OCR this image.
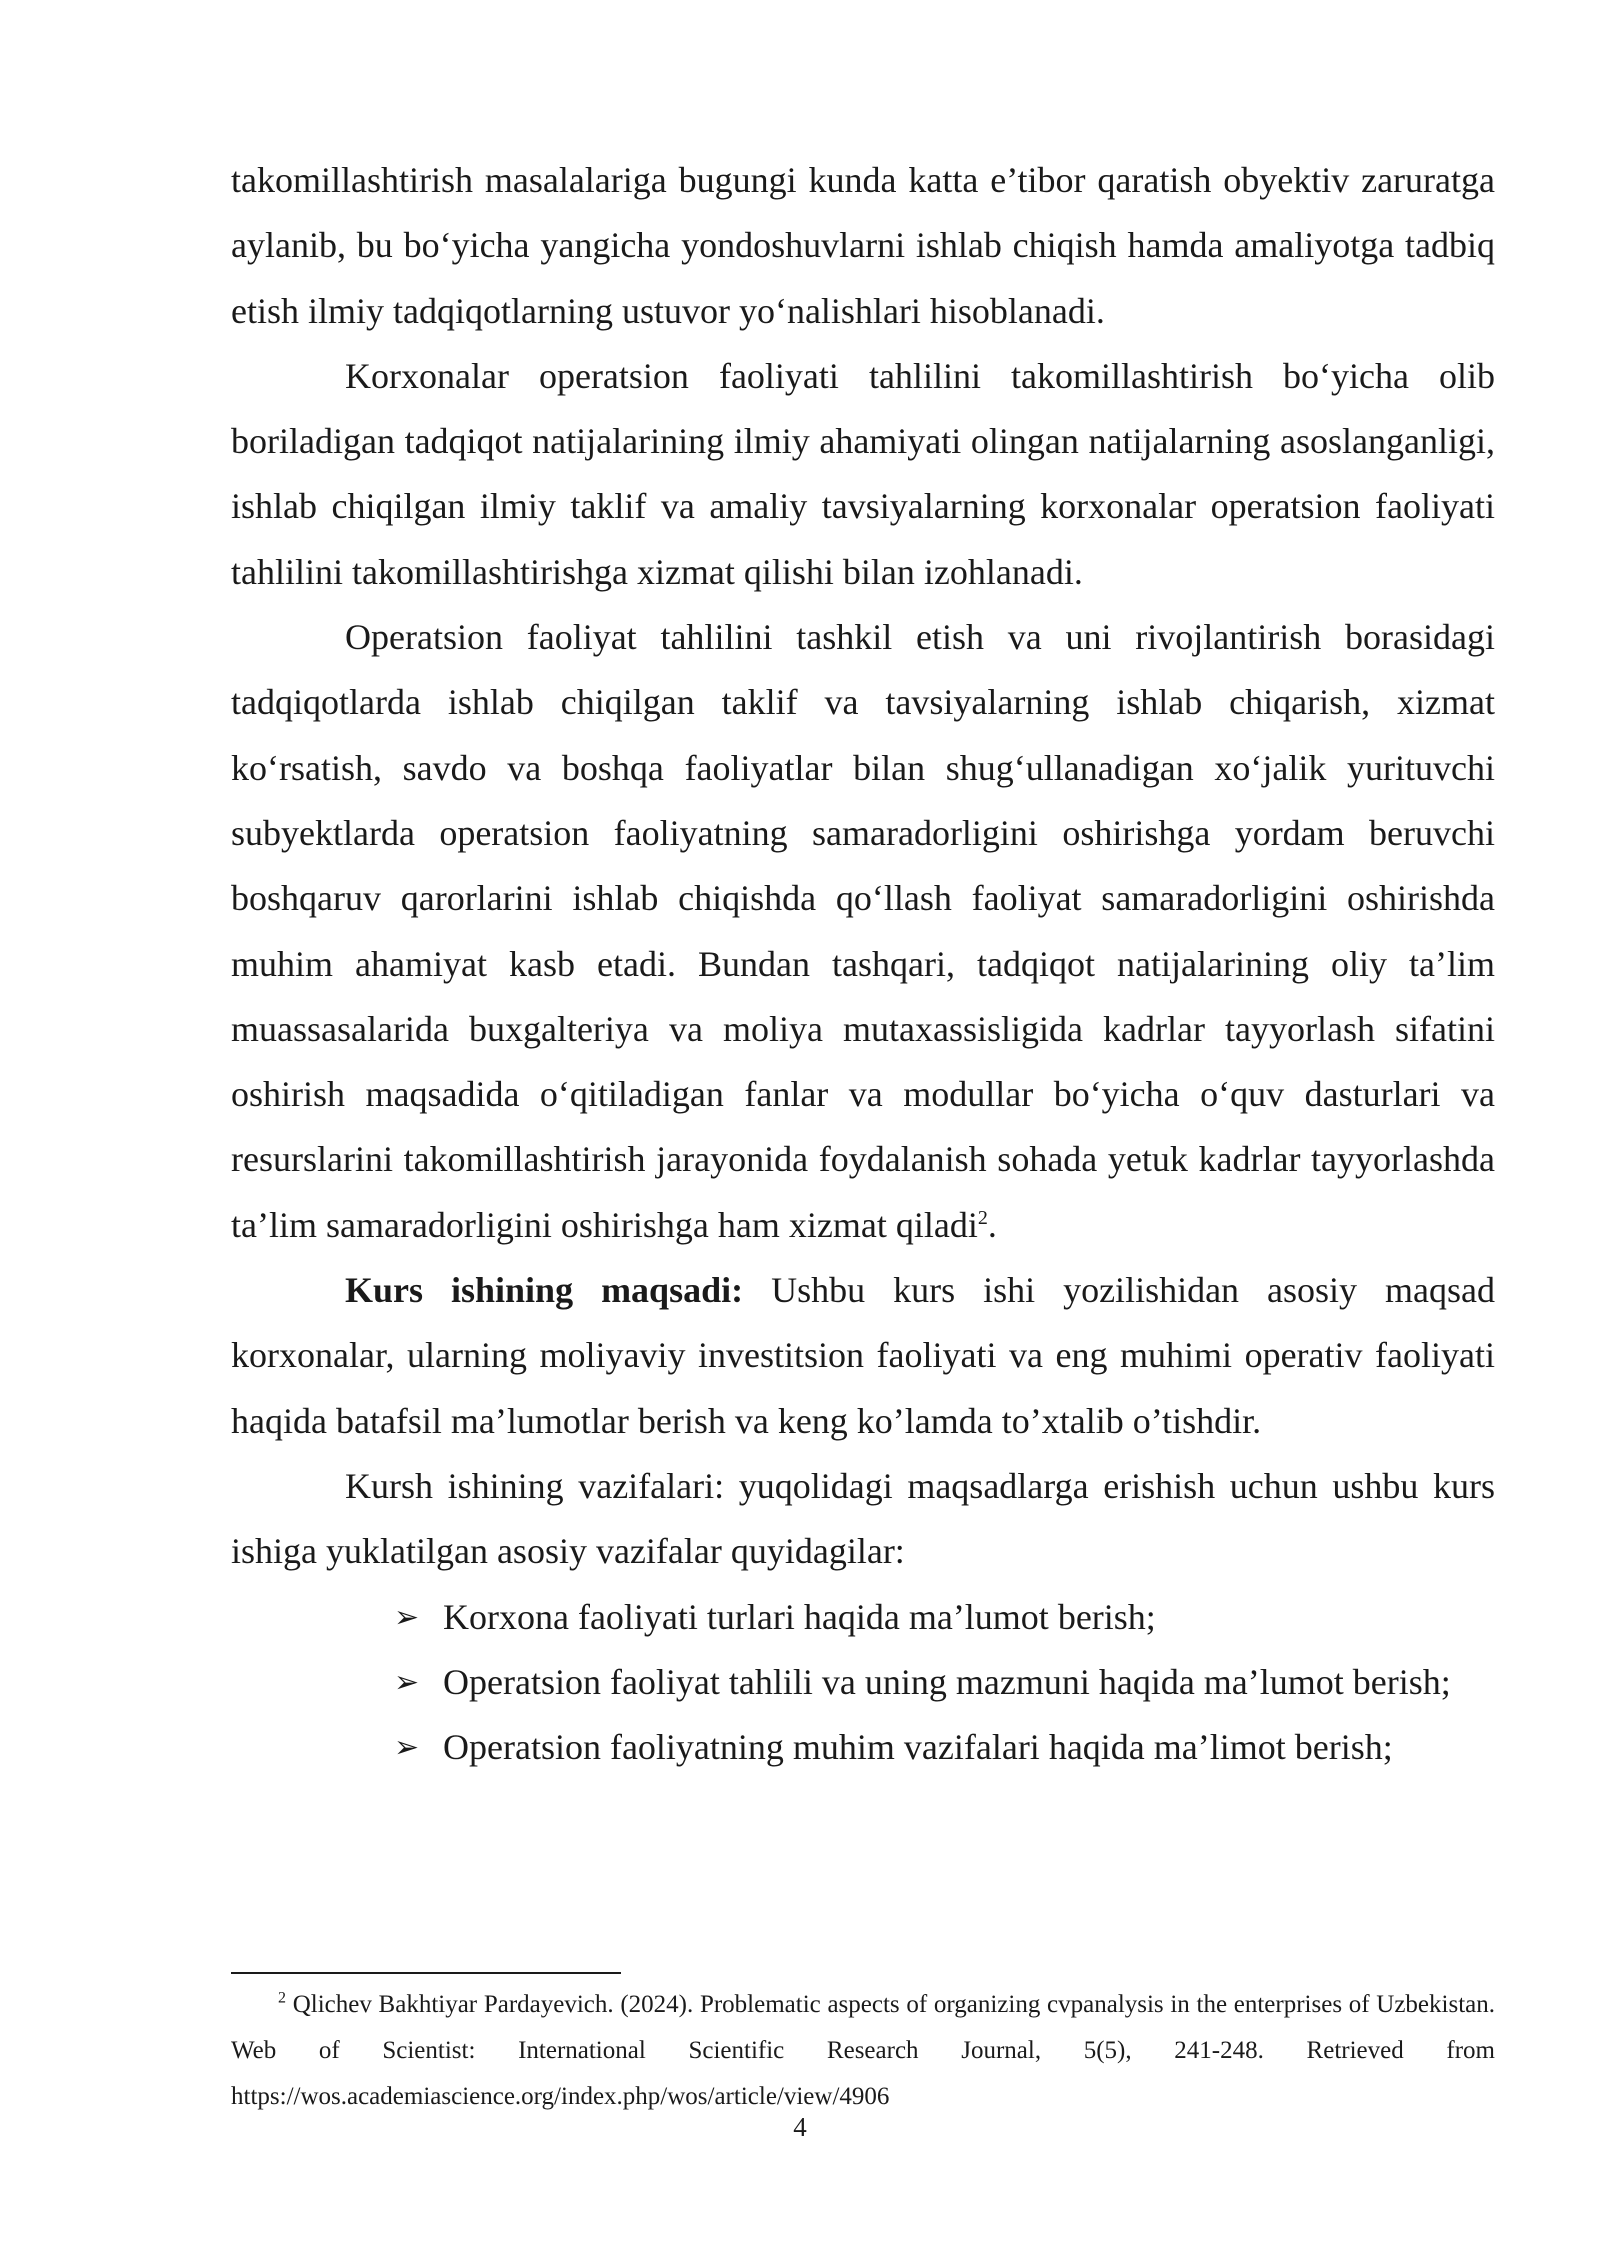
takomillashtirish masalalariga bugungi kunda katta e’tibor qaratish obyektiv zaruratga aylanib, bu bo‘yicha yangicha yondoshuvlarni ishlab chiqish hamda amaliyotga tadbiq etish ilmiy tadqiqotlarning ustuvor yo‘nalishlari hisoblanadi.

Korxonalar operatsion faoliyati tahlilini takomillashtirish bo‘yicha olib boriladigan tadqiqot natijalarining ilmiy ahamiyati olingan natijalarning asoslanganligi, ishlab chiqilgan ilmiy taklif va amaliy tavsiyalarning korxonalar operatsion faoliyati tahlilini takomillashtirishga xizmat qilishi bilan izohlanadi.

Operatsion faoliyat tahlilini tashkil etish va uni rivojlantirish borasidagi tadqiqotlarda ishlab chiqilgan taklif va tavsiyalarning ishlab chiqarish, xizmat ko‘rsatish, savdo va boshqa faoliyatlar bilan shug‘ullanadigan xo‘jalik yurituvchi subyektlarda operatsion faoliyatning samaradorligini oshirishga yordam beruvchi boshqaruv qarorlarini ishlab chiqishda qo‘llash faoliyat samaradorligini oshirishda muhim ahamiyat kasb etadi. Bundan tashqari, tadqiqot natijalarining oliy ta’lim muassasalarida buxgalteriya va moliya mutaxassisligida kadrlar tayyorlash sifatini oshirish maqsadida o‘qitiladigan fanlar va modullar bo‘yicha o‘quv dasturlari va resurslarini takomillashtirish jarayonida foydalanish sohada yetuk kadrlar tayyorlashda ta’lim samaradorligini oshirishga ham xizmat qiladi$^2$.

Kurs ishining maqsadi: Ushbu kurs ishi yozilishidan asosiy maqsad korxonalar, ularning moliyaviy investitsion faoliyati va eng muhimi operativ faoliyati haqida batafsil ma’lumotlar berish va keng ko’lamda to’xtalib o’tishdir.

Kursh ishining vazifalari: yuqolidagi maqsadlarga erishish uchun ushbu kurs ishiga yuklatilgan asosiy vazifalar quyidagilar:

➢ Korxona faoliyati turlari haqida ma’lumot berish;
➢ Operatsion faoliyat tahlili va uning mazmuni haqida ma’lumot berish;
➢ Operatsion faoliyatning muhim vazifalari haqida ma’limot berish;

$^2$ Qlichev Bakhtiyar Pardayevich. (2024). Problematic aspects of organizing cvpanalysis in the enterprises of Uzbekistan. Web of Scientist: International Scientific Research Journal, 5(5), 241-248. Retrieved from https://wos.academiascience.org/index.php/wos/article/view/4906

4
